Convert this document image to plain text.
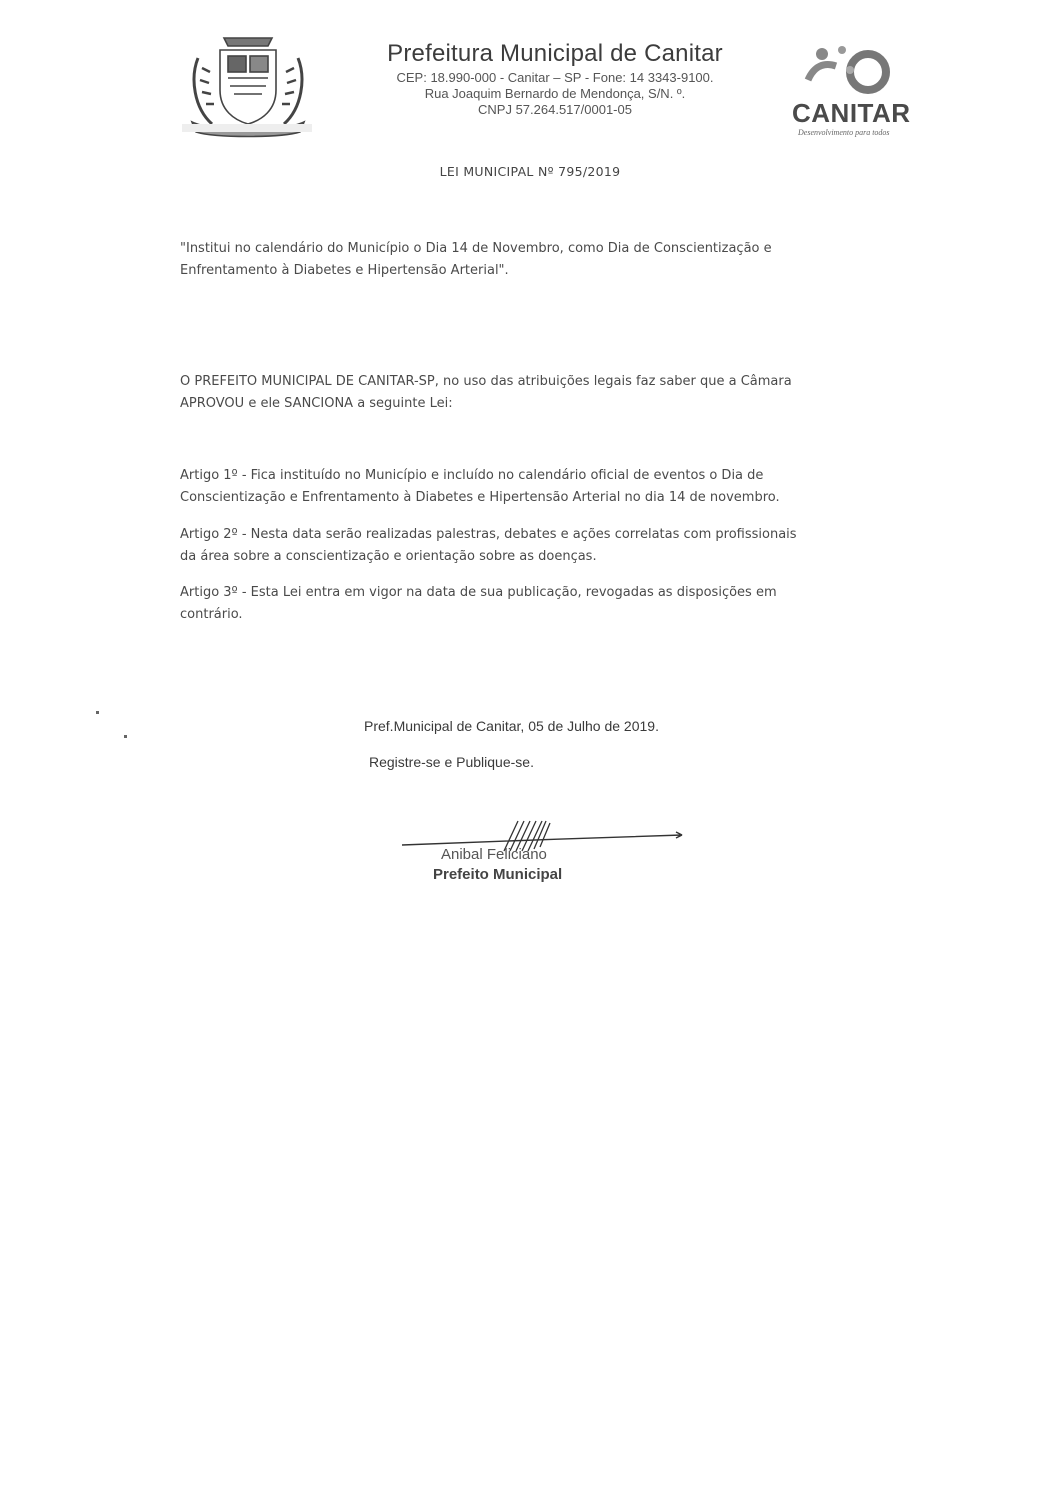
Prefeitura Municipal de Canitar
CEP: 18.990-000 - Canitar – SP - Fone: 14 3343-9100.
Rua Joaquim Bernardo de Mendonça, S/N. º.
CNPJ 57.264.517/0001-05	CANITAR
Desenvolvimento para todos
LEI MUNICIPAL Nº 795/2019
"Institui no calendário do Município o Dia 14 de Novembro, como Dia de Conscientização e
Enfrentamento à Diabetes e Hipertensão Arterial".
O PREFEITO MUNICIPAL DE CANITAR-SP, no uso das atribuições legais faz saber que a Câmara
APROVOU e ele SANCIONA a seguinte Lei:
Artigo 1º - Fica instituído no Município e incluído no calendário oficial de eventos o Dia de
Conscientização e Enfrentamento à Diabetes e Hipertensão Arterial no dia 14 de novembro.
Artigo 2º - Nesta data serão realizadas palestras, debates e ações correlatas com profissionais
da área sobre a conscientização e orientação sobre as doenças.
Artigo 3º - Esta Lei entra em vigor na data de sua publicação, revogadas as disposições em
contrário.
Pref.Municipal de Canitar, 05 de Julho de 2019.
Registre-se e Publique-se.
Anibal Feliciano
Prefeito Municipal
